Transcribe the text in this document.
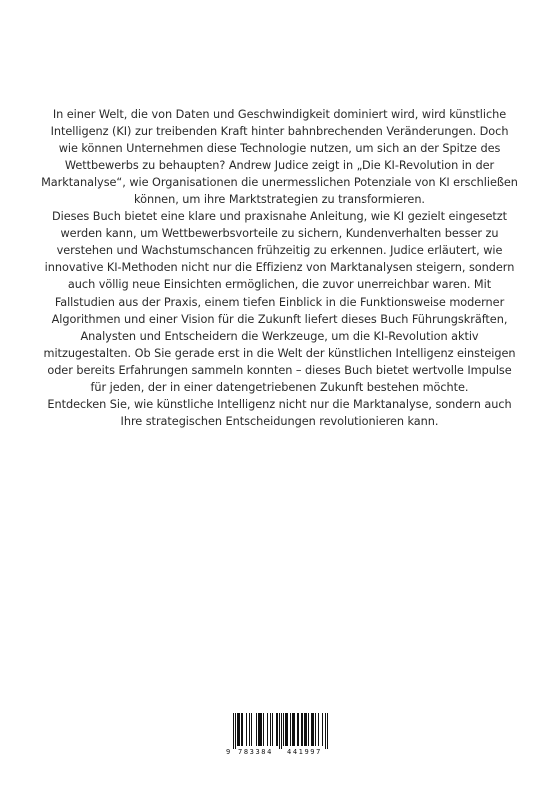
In einer Welt, die von Daten und Geschwindigkeit dominiert wird, wird künstliche Intelligenz (KI) zur treibenden Kraft hinter bahnbrechenden Veränderungen. Doch wie können Unternehmen diese Technologie nutzen, um sich an der Spitze des Wettbewerbs zu behaupten? Andrew Judice zeigt in „Die KI-Revolution in der Marktanalyse“, wie Organisationen die unermesslichen Potenziale von KI erschließen können, um ihre Marktstrategien zu transformieren.

Dieses Buch bietet eine klare und praxisnahe Anleitung, wie KI gezielt eingesetzt werden kann, um Wettbewerbsvorteile zu sichern, Kundenverhalten besser zu verstehen und Wachstumschancen frühzeitig zu erkennen. Judice erläutert, wie innovative KI-Methoden nicht nur die Effizienz von Marktanalysen steigern, sondern auch völlig neue Einsichten ermöglichen, die zuvor unerreichbar waren. Mit Fallstudien aus der Praxis, einem tiefen Einblick in die Funktionsweise moderner Algorithmen und einer Vision für die Zukunft liefert dieses Buch Führungskräften, Analysten und Entscheidern die Werkzeuge, um die KI-Revolution aktiv mitzugestalten. Ob Sie gerade erst in die Welt der künstlichen Intelligenz einsteigen oder bereits Erfahrungen sammeln konnten – dieses Buch bietet wertvolle Impulse für jeden, der in einer datengetriebenen Zukunft bestehen möchte.

Entdecken Sie, wie künstliche Intelligenz nicht nur die Marktanalyse, sondern auch Ihre strategischen Entscheidungen revolutionieren kann.

9 783384 441997
